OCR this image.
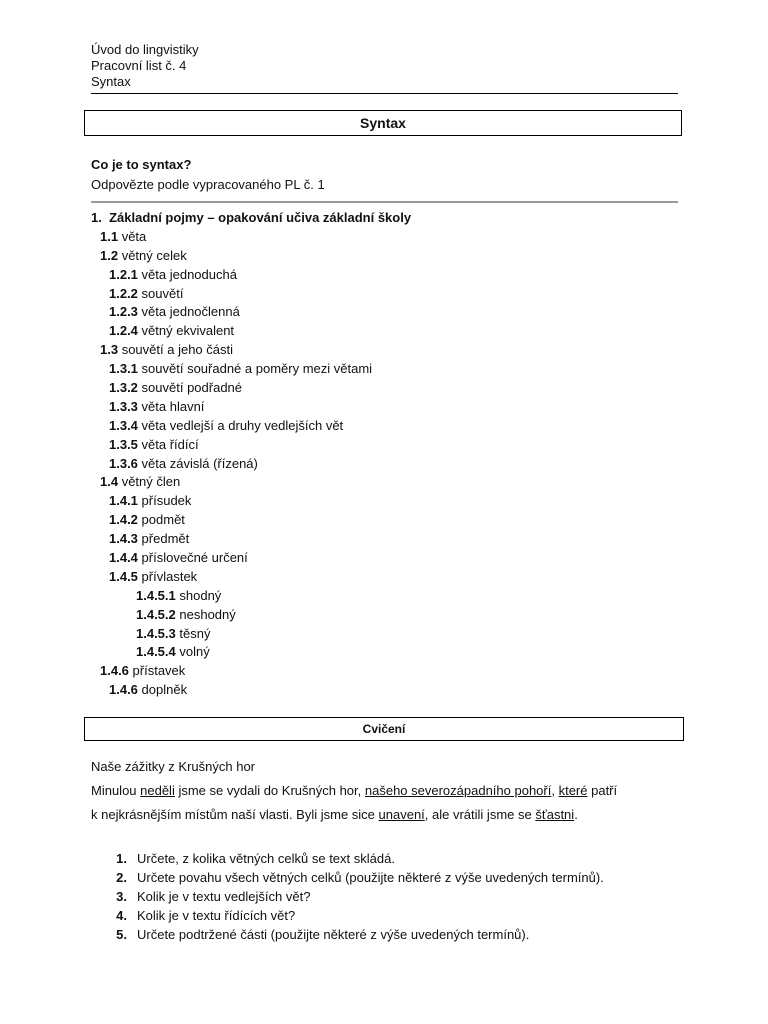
Úvod do lingvistiky
Pracovní list č. 4
Syntax
Syntax
Co je to syntax?
Odpovězte podle vypracovaného PL č. 1
1. Základní pojmy – opakování učiva základní školy
1.1 věta
1.2 větný celek
1.2.1 věta jednoduchá
1.2.2 souvětí
1.2.3 věta jednočlenná
1.2.4 větný ekvivalent
1.3 souvětí a jeho části
1.3.1 souvětí souřadné a poměry mezi větami
1.3.2 souvětí podřadné
1.3.3 věta hlavní
1.3.4 věta vedlejší a druhy vedlejších vět
1.3.5 věta řídící
1.3.6 věta závislá (řízená)
1.4 větný člen
1.4.1 přísudek
1.4.2 podmět
1.4.3 předmět
1.4.4 příslovečné určení
1.4.5 přívlastek
1.4.5.1 shodný
1.4.5.2 neshodný
1.4.5.3 těsný
1.4.5.4 volný
1.4.6 přístavek
1.4.6 doplněk
Cvičení

Naše zážitky z Krušných hor

Minulou neděli jsme se vydali do Krušných hor, našeho severozápadního pohoří, které patří

k nejkrásnějším místům naší vlasti. Byli jsme sice unavení, ale vrátili jsme se šťastni.

1. Určete, z kolika větných celků se text skládá.
2. Určete povahu všech větných celků (použijte některé z výše uvedených termínů).
3. Kolik je v textu vedlejších vět?
4. Kolik je v textu řídících vět?
5. Určete podtržené části (použijte některé z výše uvedených termínů).
